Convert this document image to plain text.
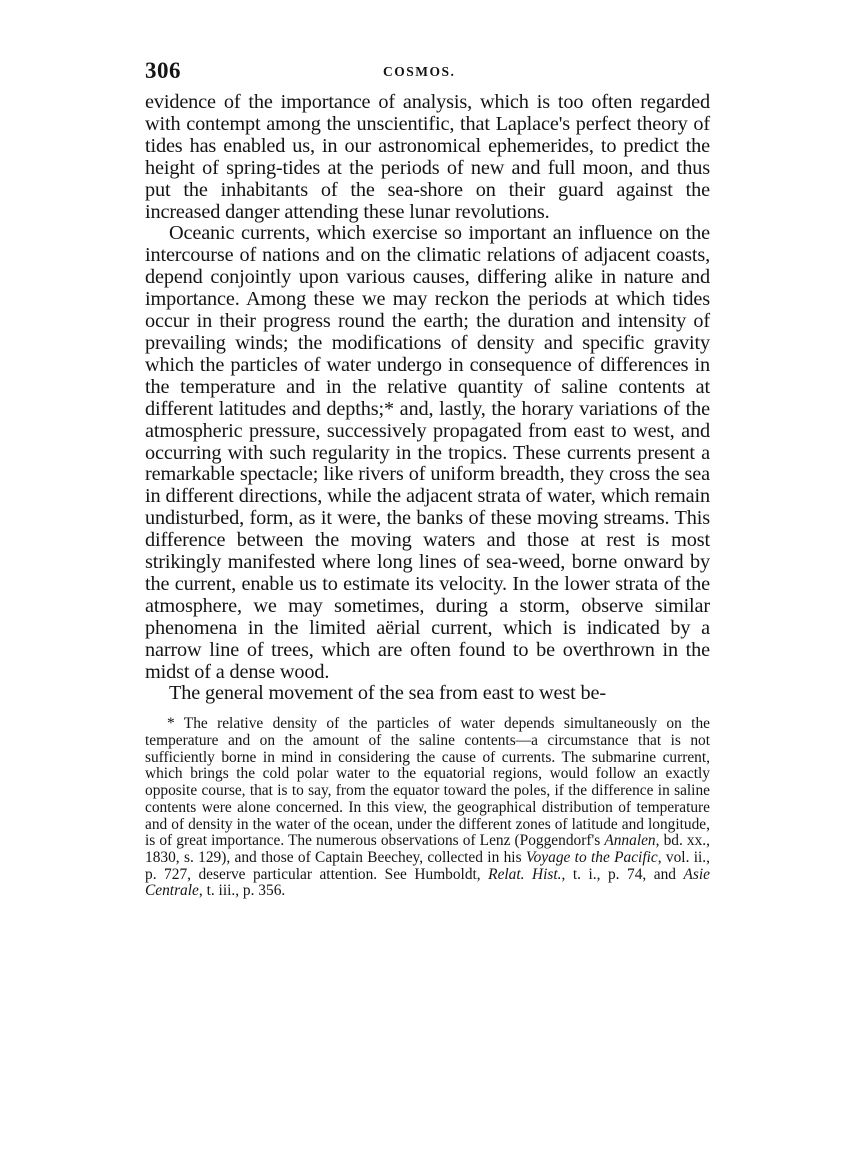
306	COSMOS.

evidence of the importance of analysis, which is too often regarded with contempt among the unscientific, that Laplace's perfect theory of tides has enabled us, in our astronomical ephemerides, to predict the height of spring-tides at the periods of new and full moon, and thus put the inhabitants of the sea-shore on their guard against the increased danger attending these lunar revolutions.

Oceanic currents, which exercise so important an influence on the intercourse of nations and on the climatic relations of adjacent coasts, depend conjointly upon various causes, differing alike in nature and importance. Among these we may reckon the periods at which tides occur in their progress round the earth; the duration and intensity of prevailing winds; the modifications of density and specific gravity which the particles of water undergo in consequence of differences in the temperature and in the relative quantity of saline contents at different latitudes and depths;* and, lastly, the horary variations of the atmospheric pressure, successively propagated from east to west, and occurring with such regularity in the tropics. These currents present a remarkable spectacle; like rivers of uniform breadth, they cross the sea in different directions, while the adjacent strata of water, which remain undisturbed, form, as it were, the banks of these moving streams. This difference between the moving waters and those at rest is most strikingly manifested where long lines of sea-weed, borne onward by the current, enable us to estimate its velocity. In the lower strata of the atmosphere, we may sometimes, during a storm, observe similar phenomena in the limited aërial current, which is indicated by a narrow line of trees, which are often found to be overthrown in the midst of a dense wood.

The general movement of the sea from east to west be-

* The relative density of the particles of water depends simultaneously on the temperature and on the amount of the saline contents—a circumstance that is not sufficiently borne in mind in considering the cause of currents. The submarine current, which brings the cold polar water to the equatorial regions, would follow an exactly opposite course, that is to say, from the equator toward the poles, if the difference in saline contents were alone concerned. In this view, the geographical distribution of temperature and of density in the water of the ocean, under the different zones of latitude and longitude, is of great importance. The numerous observations of Lenz (Poggendorf's Annalen, bd. xx., 1830, s. 129), and those of Captain Beechey, collected in his Voyage to the Pacific, vol. ii., p. 727, deserve particular attention. See Humboldt, Relat. Hist., t. i., p. 74, and Asie Centrale, t. iii., p. 356.
